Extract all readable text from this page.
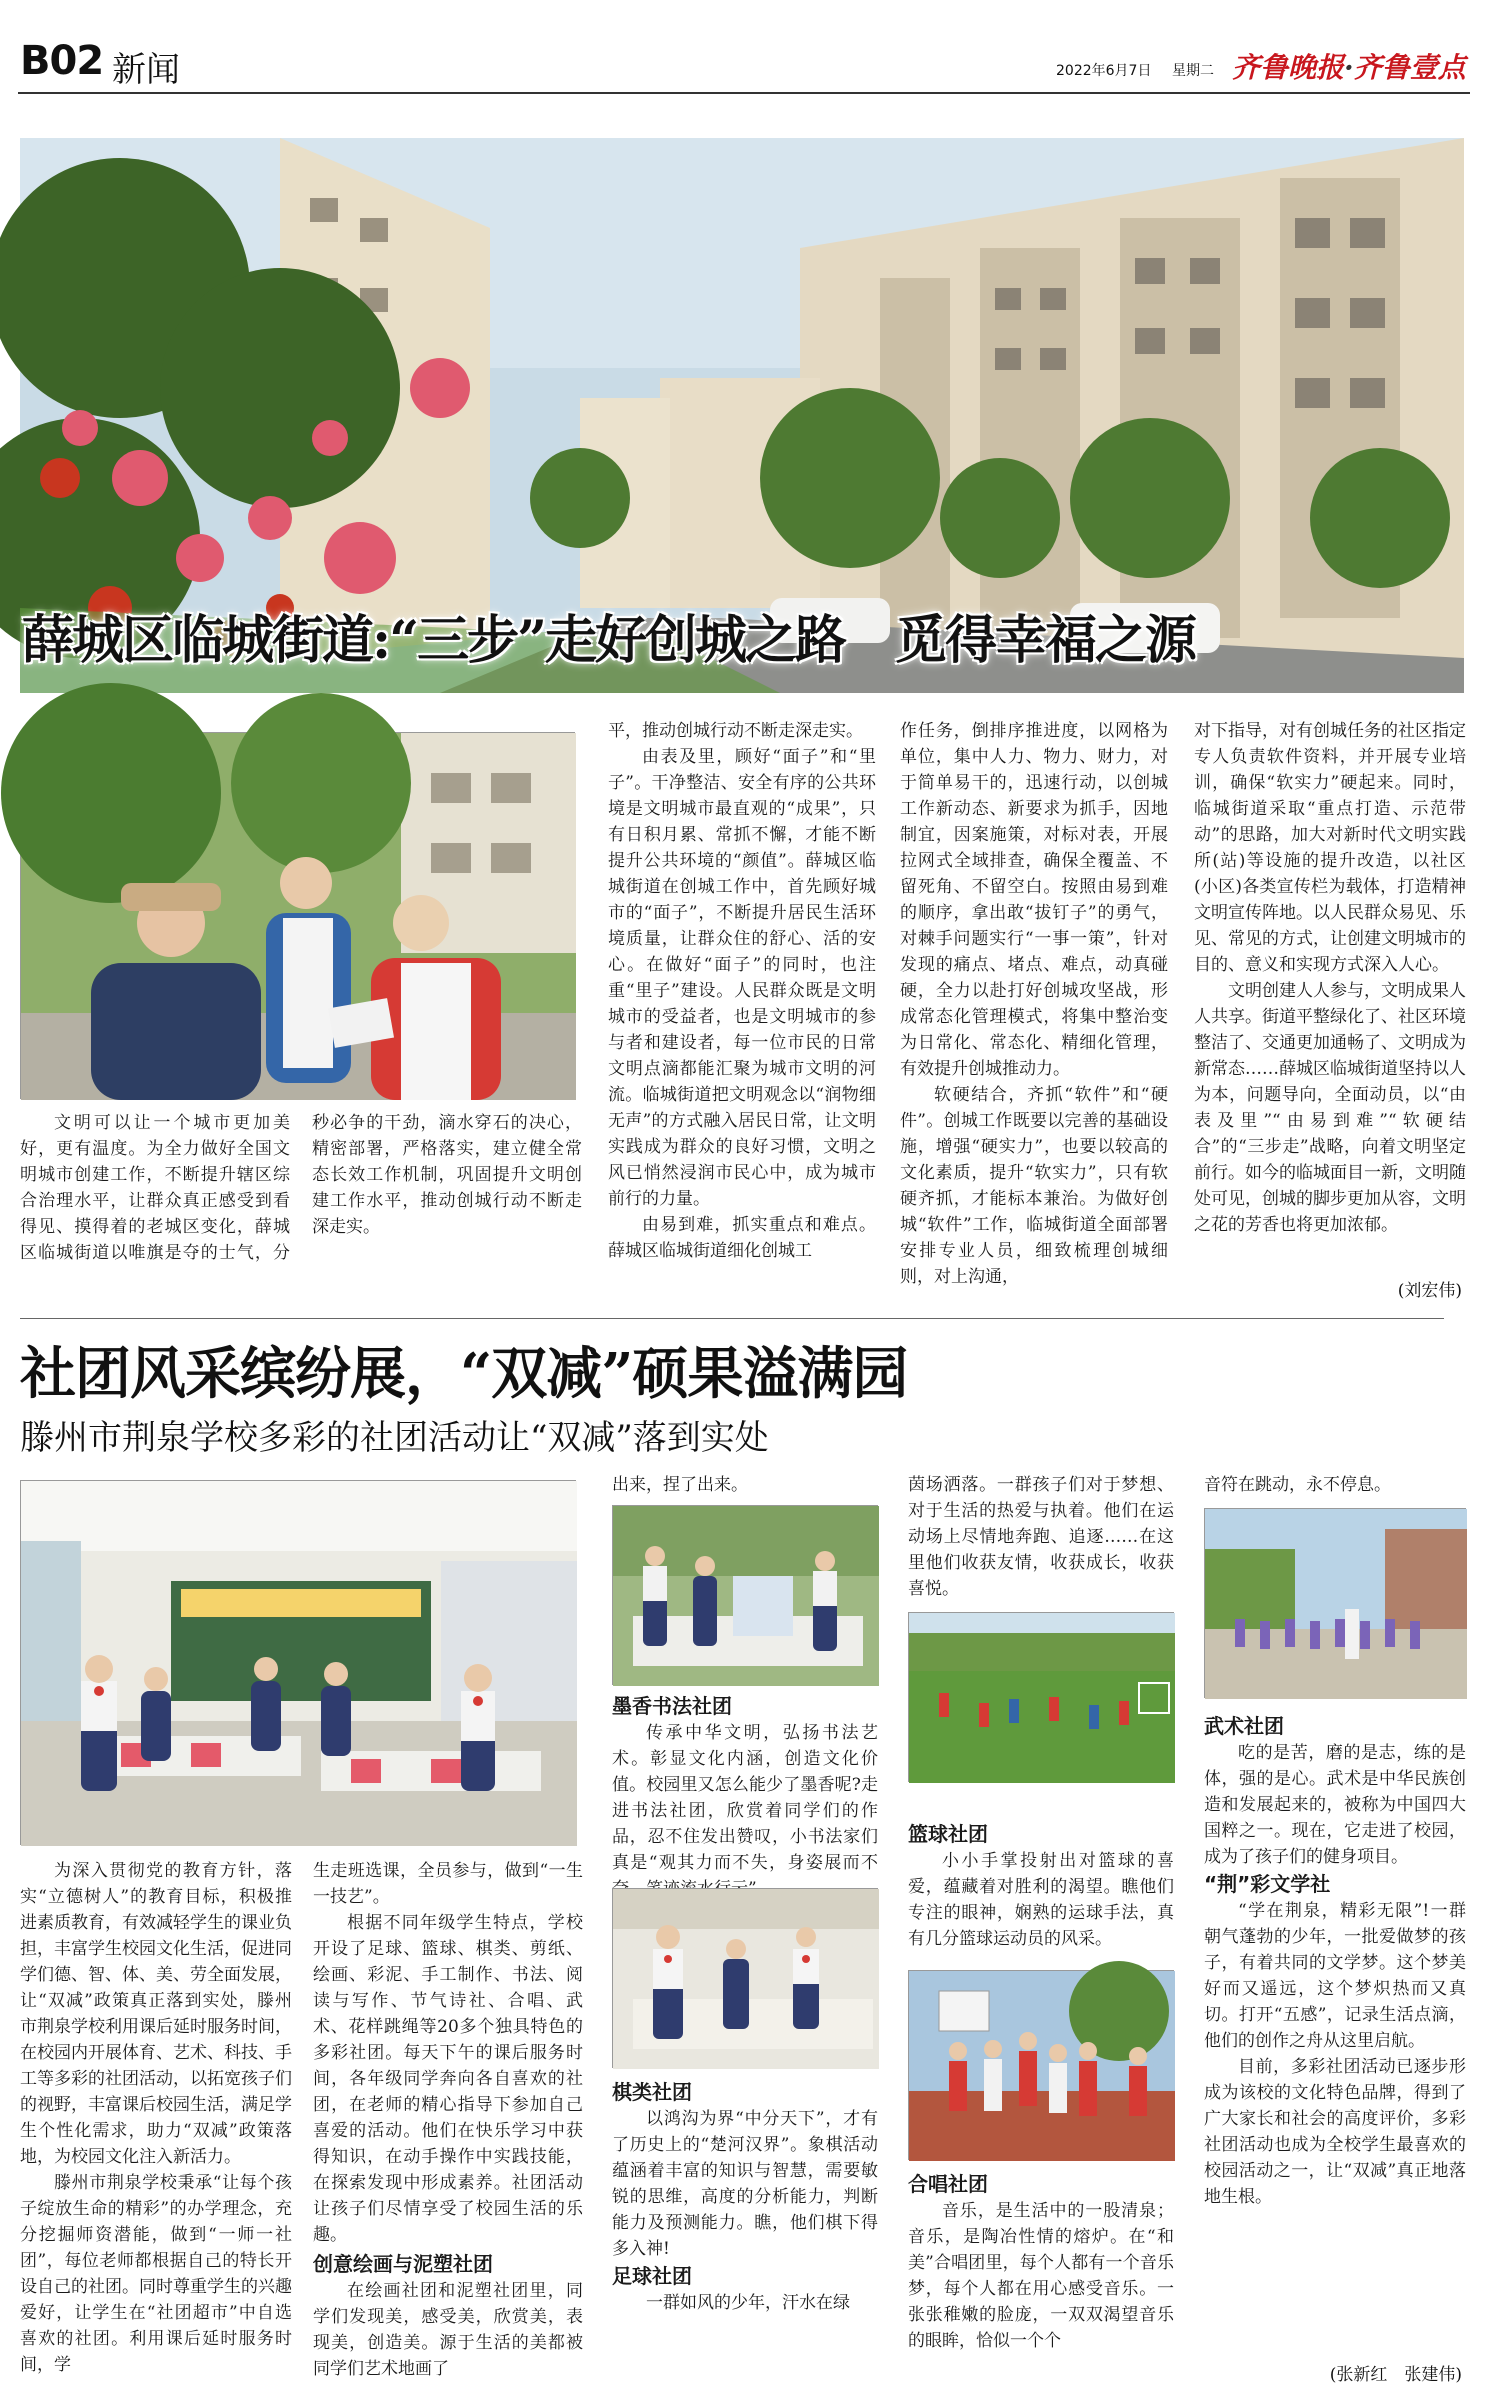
B02 新闻	2022年6月7日 星期二 齐鲁晚报·齐鲁壹点
薛城区临城街道:“三步”走好创城之路　觅得幸福之源

文明可以让一个城市更加美好，更有温度。为全力做好全国文明城市创建工作，不断提升辖区综合治理水平，让群众真正感受到看得见、摸得着的老城区变化，薛城区临城街道以唯旗是夺的士气，分秒必争的干劲，滴水穿石的决心，精密部署，严格落实，建立健全常态长效工作机制，巩固提升文明创建工作水平，推动创城行动不断走深走实。

平，推动创城行动不断走深走实。

由表及里，顾好“面子”和“里子”。干净整洁、安全有序的公共环境是文明城市最直观的“成果”，只有日积月累、常抓不懈，才能不断提升公共环境的“颜值”。薛城区临城街道在创城工作中，首先顾好城市的“面子”，不断提升居民生活环境质量，让群众住的舒心、活的安心。在做好“面子”的同时，也注重“里子”建设。人民群众既是文明城市的受益者，也是文明城市的参与者和建设者，每一位市民的日常文明点滴都能汇聚为城市文明的河流。临城街道把文明观念以“润物细无声”的方式融入居民日常，让文明实践成为群众的良好习惯，文明之风已悄然浸润市民心中，成为城市前行的力量。

由易到难，抓实重点和难点。薛城区临城街道细化创城工

作任务，倒排序推进度，以网格为单位，集中人力、物力、财力，对于简单易干的，迅速行动，以创城工作新动态、新要求为抓手，因地制宜，因案施策，对标对表，开展拉网式全域排查，确保全覆盖、不留死角、不留空白。按照由易到难的顺序，拿出敢“拔钉子”的勇气，对棘手问题实行“一事一策”，针对发现的痛点、堵点、难点，动真碰硬，全力以赴打好创城攻坚战，形成常态化管理模式，将集中整治变为日常化、常态化、精细化管理，有效提升创城推动力。

软硬结合，齐抓“软件”和“硬件”。创城工作既要以完善的基础设施，增强“硬实力”，也要以较高的文化素质，提升“软实力”，只有软硬齐抓，才能标本兼治。为做好创城“软件”工作，临城街道全面部署安排专业人员，细致梳理创城细则，对上沟通，

对下指导，对有创城任务的社区指定专人负责软件资料，并开展专业培训，确保“软实力”硬起来。同时，临城街道采取“重点打造、示范带动”的思路，加大对新时代文明实践所(站)等设施的提升改造，以社区(小区)各类宣传栏为载体，打造精神文明宣传阵地。以人民群众易见、乐见、常见的方式，让创建文明城市的目的、意义和实现方式深入人心。

文明创建人人参与，文明成果人人共享。街道平整绿化了、社区环境整洁了、交通更加通畅了、文明成为新常态……薛城区临城街道坚持以人为本，问题导向，全面动员，以“由表及里”“由易到难”“软硬结合”的“三步走”战略，向着文明坚定前行。如今的临城面目一新，文明随处可见，创城的脚步更加从容，文明之花的芳香也将更加浓郁。

(刘宏伟)
社团风采缤纷展，“双减”硕果溢满园
滕州市荆泉学校多彩的社团活动让“双减”落到实处

为深入贯彻党的教育方针，落实“立德树人”的教育目标，积极推进素质教育，有效减轻学生的课业负担，丰富学生校园文化生活，促进同学们德、智、体、美、劳全面发展，让“双减”政策真正落到实处，滕州市荆泉学校利用课后延时服务时间，在校园内开展体育、艺术、科技、手工等多彩的社团活动，以拓宽孩子们的视野，丰富课后校园生活，满足学生个性化需求，助力“双减”政策落地，为校园文化注入新活力。

滕州市荆泉学校秉承“让每个孩子绽放生命的精彩”的办学理念，充分挖掘师资潜能，做到“一师一社团”，每位老师都根据自己的特长开设自己的社团。同时尊重学生的兴趣爱好，让学生在“社团超市”中自选喜欢的社团。利用课后延时服务时间，学

生走班选课，全员参与，做到“一生一技艺”。

根据不同年级学生特点，学校开设了足球、篮球、棋类、剪纸、绘画、彩泥、手工制作、书法、阅读与写作、节气诗社、合唱、武术、花样跳绳等20多个独具特色的多彩社团。每天下午的课后服务时间，各年级同学奔向各自喜欢的社团，在老师的精心指导下参加自己喜爱的活动。他们在快乐学习中获得知识，在动手操作中实践技能，在探索发现中形成素养。社团活动让孩子们尽情享受了校园生活的乐趣。

创意绘画与泥塑社团

在绘画社团和泥塑社团里，同学们发现美，感受美，欣赏美，表现美，创造美。源于生活的美都被同学们艺术地画了

出来，捏了出来。

墨香书法社团

传承中华文明，弘扬书法艺术。彰显文化内涵，创造文化价值。校园里又怎么能少了墨香呢?走进书法社团，欣赏着同学们的作品，忍不住发出赞叹，小书法家们真是“观其力而不失，身姿展而不

棋类社团

以鸿沟为界“中分天下”，才有了历史上的“楚河汉界”。象棋活动蕴涵着丰富的知识与智慧，需要敏锐的思维，高度的分析能力，判断能力及预测能力。瞧，他们棋下得多入神!

足球社团

一群如风的少年，汗水在绿

茵场洒落。一群孩子们对于梦想、对于生活的热爱与执着。他们在运动场上尽情地奔跑、追逐……在这里他们收获友情，收获成长，收获喜悦。

篮球社团

小小手掌投射出对篮球的喜爱，蕴藏着对胜利的渴望。瞧他们专注的眼神，娴熟的运球手法，真有几分篮球运动员的风采。

合唱社团

音乐，是生活中的一股清泉；音乐，是陶冶性情的熔炉。在“和美”合唱团里，每个人都有一个音乐梦，每个人都在用心感受音乐。一张张稚嫩的脸庞，一双双渴望音乐的眼眸，恰似一个个

音符在跳动，永不停息。

武术社团

吃的是苦，磨的是志，练的是体，强的是心。武术是中华民族创造和发展起来的，被称为中国四大国粹之一。现在，它走进了校园，成为了孩子们的健身项目。

“荆”彩文学社

“学在荆泉，精彩无限”!一群朝气蓬勃的少年，一批爱做梦的孩子，有着共同的文学梦。这个梦美好而又遥远，这个梦炽热而又真切。打开“五感”，记录生活点滴，他们的创作之舟从这里启航。

目前，多彩社团活动已逐步形成为该校的文化特色品牌，得到了广大家长和社会的高度评价，多彩社团活动也成为全校学生最喜欢的校园活动之一，让“双减”真正地落地生根。

(张新红　张建伟)
